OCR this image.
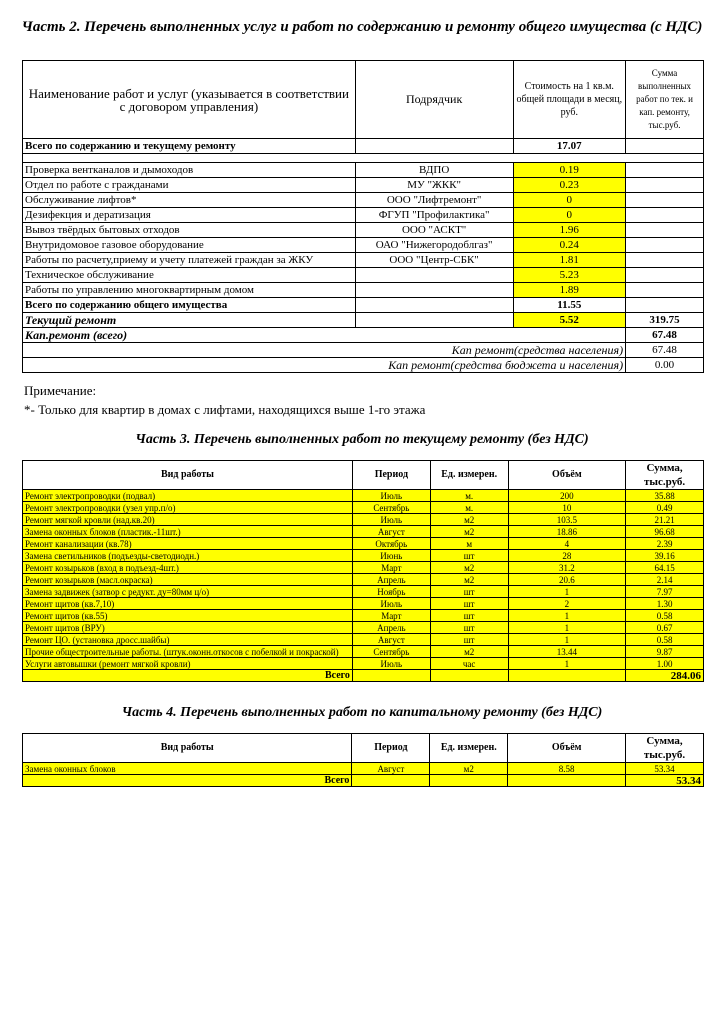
Часть 2. Перечень выполненных услуг и работ по содержанию и ремонту общего имущества (с НДС)
Наименование работ и услуг (указывается в соответствии с договором управления)	Подрядчик	Стоимость на 1 кв.м. общей площади в месяц, руб.	Сумма выполненных работ по тек. и кап. ремонту, тыс.руб.
Всего по содержанию и текущему ремонту		17.07	

Проверка вентканалов и дымоходов	ВДПО	0.19	
Отдел по работе с гражданами	МУ "ЖКК"	0.23	
Обслуживание лифтов*	ООО "Лифтремонт"	0	
Дезифекция и дератизация	ФГУП "Профилактика"	0	
Вывоз твёрдых бытовых отходов	ООО "АСКТ"	1.96	
Внутридомовое газовое оборудование	ОАО "Нижегородоблгаз"	0.24	
Работы по расчету,приему и учету платежей граждан за ЖКУ	ООО "Центр-СБК"	1.81	
Техническое обслуживание		5.23	
Работы по управлению многоквартирным домом		1.89	
Всего по содержанию общего имущества		11.55	
Текущий ремонт		5.52	319.75
Кап.ремонт (всего)			67.48
Кап ремонт(средства населения)			67.48
Кап ремонт(средства бюджета и населения)			0.00
Примечание:
*- Только для квартир в домах с лифтами, находящихся выше 1-го этажа
Часть 3. Перечень выполненных работ по текущему ремонту (без НДС)
Вид работы	Период	Ед. измерен.	Объём	Сумма, тыс.руб.
Ремонт электропроводки (подвал)	Июль	м.	200	35.88
Ремонт электропроводки (узел упр.п/о)	Сентябрь	м.	10	0.49
Ремонт мягкой кровли (над.кв.20)	Июль	м2	103.5	21.21
Замена оконных блоков (пластик.-11шт.)	Август	м2	18.86	96.68
Ремонт канализации (кв.78)	Октябрь	м	4	2.39
Замена светильников (подъезды-светодиодн.)	Июнь	шт	28	39.16
Ремонт козырьков (вход в подъезд-4шт.)	Март	м2	31.2	64.15
Ремонт козырьков (масл.окраска)	Апрель	м2	20.6	2.14
Замена задвижек (затвор с редукт. ду=80мм ц/о)	Ноябрь	шт	1	7.97
Ремонт щитов (кв.7,10)	Июль	шт	2	1.30
Ремонт щитов (кв.55)	Март	шт	1	0.58
Ремонт щитов (ВРУ)	Апрель	шт	1	0.67
Ремонт ЦО. (установка дросс.шайбы)	Август	шт	1	0.58
Прочие общестроительные работы. (штук.оконн.откосов с побелкой и покраской)	Сентябрь	м2	13.44	9.87
Услуги автовышки (ремонт мягкой кровли)	Июль	час	1	1.00
Всего				284.06
Часть 4. Перечень выполненных работ по капитальному ремонту (без НДС)
Вид работы	Период	Ед. измерен.	Объём	Сумма, тыс.руб.
Замена оконных блоков	Август	м2	8.58	53.34
Всего				53.34
